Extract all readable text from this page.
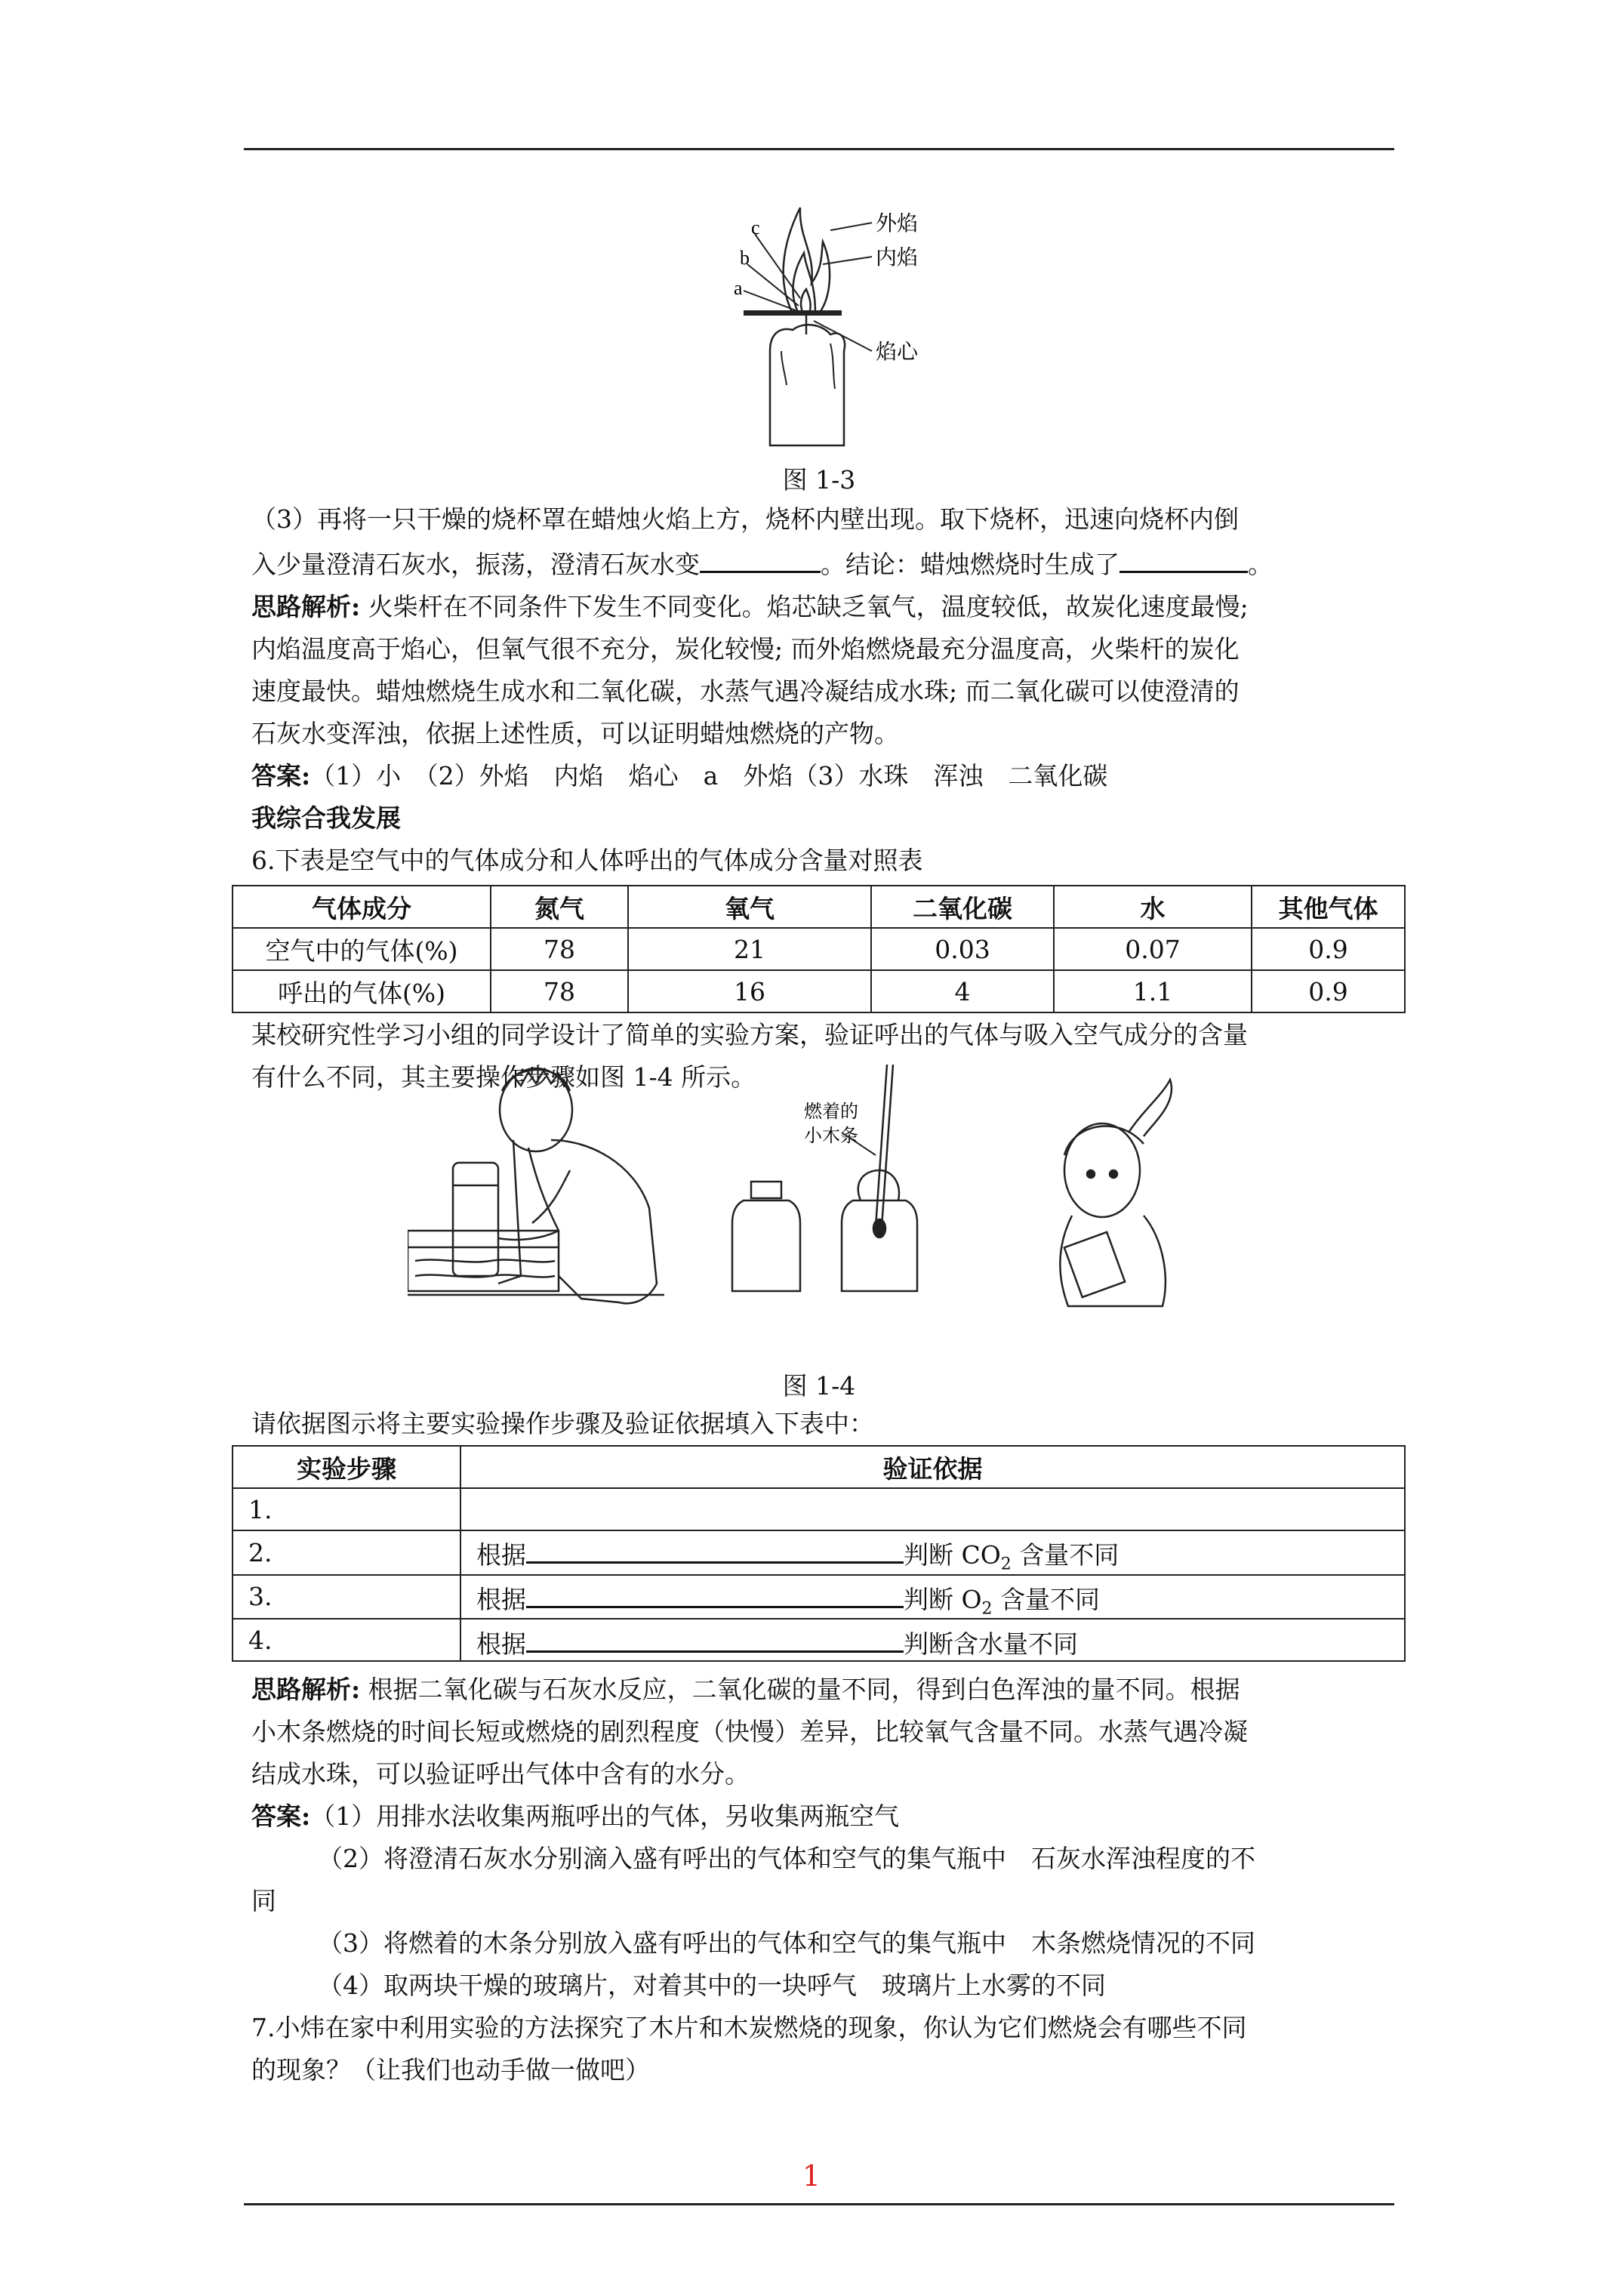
c
b
a
外焰
内焰
焰心
图 1-3

（3）再将一只干燥的烧杯罩在蜡烛火焰上方，烧杯内壁出现。取下烧杯，迅速向烧杯内倒

入少量澄清石灰水，振荡，澄清石灰水变	。结论：蜡烛燃烧时生成了	。

思路解析: 火柴杆在不同条件下发生不同变化。焰芯缺乏氧气，温度较低，故炭化速度最慢;

内焰温度高于焰心，但氧气很不充分，炭化较慢; 而外焰燃烧最充分温度高，火柴杆的炭化

速度最快。蜡烛燃烧生成水和二氧化碳，水蒸气遇冷凝结成水珠; 而二氧化碳可以使澄清的

石灰水变浑浊，依据上述性质，可以证明蜡烛燃烧的产物。

答案:（1）小　（2）外焰　内焰　焰心　a　外焰（3）水珠　浑浊　二氧化碳

我综合我发展

6.下表是空气中的气体成分和人体呼出的气体成分含量对照表

气体成分	氮气	氧气	二氧化碳	水	其他气体
空气中的气体(%)	78	21	0.03	0.07	0.9
呼出的气体(%)	78	16	4	1.1	0.9

某校研究性学习小组的同学设计了简单的实验方案，验证呼出的气体与吸入空气成分的含量

有什么不同，其主要操作步骤如图 1-4 所示。

燃着的
小木条
图 1-4

请依据图示将主要实验操作步骤及验证依据填入下表中：

实验步骤	验证依据
1.	
2.	根据 判断 $CO_2$ 含量不同
3.	根据 判断 $O_2$ 含量不同
4.	根据 判断含水量不同

思路解析: 根据二氧化碳与石灰水反应，二氧化碳的量不同，得到白色浑浊的量不同。根据

小木条燃烧的时间长短或燃烧的剧烈程度（快慢）差异，比较氧气含量不同。水蒸气遇冷凝

结成水珠，可以验证呼出气体中含有的水分。

答案:（1）用排水法收集两瓶呼出的气体，另收集两瓶空气

（2）将澄清石灰水分别滴入盛有呼出的气体和空气的集气瓶中　石灰水浑浊程度的不

同

（3）将燃着的木条分别放入盛有呼出的气体和空气的集气瓶中　木条燃烧情况的不同

（4）取两块干燥的玻璃片，对着其中的一块呼气　玻璃片上水雾的不同

7.小炜在家中利用实验的方法探究了木片和木炭燃烧的现象，你认为它们燃烧会有哪些不同

的现象？（让我们也动手做一做吧）

1
